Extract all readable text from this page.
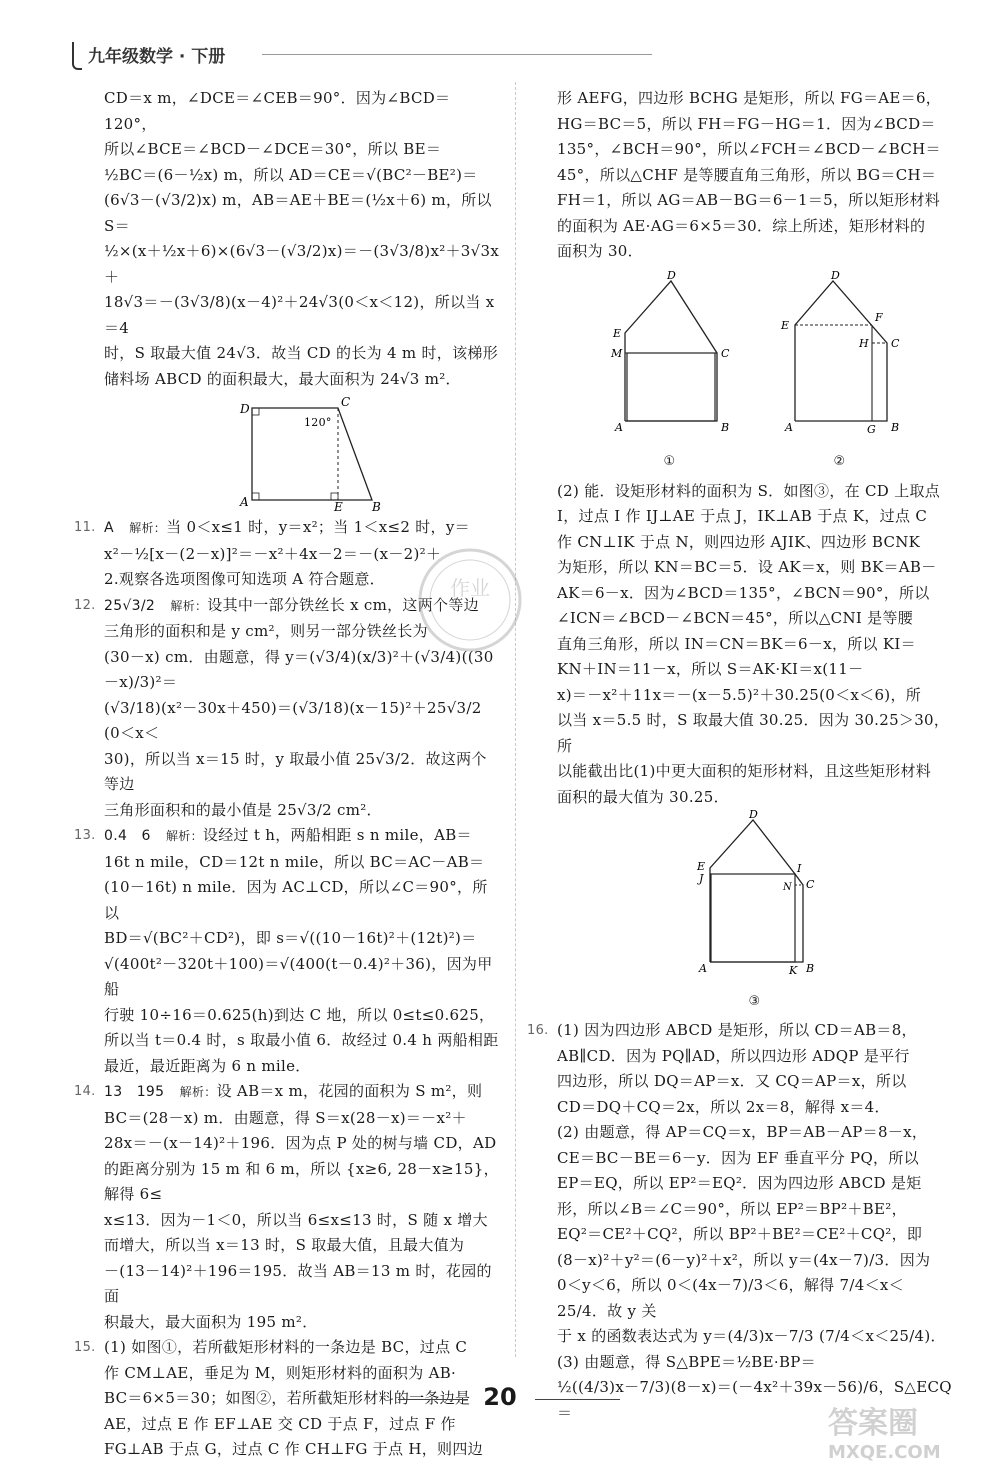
九年级数学 · 下册

CD＝x m，∠DCE＝∠CEB＝90°．因为∠BCD＝120°，

所以∠BCE＝∠BCD－∠DCE＝30°，所以 BE＝

½BC＝(6－½x) m，所以 AD＝CE＝√(BC²－BE²)＝

(6√3－(√3/2)x) m，AB＝AE＋BE＝(½x＋6) m，所以 S＝

½×(x＋½x＋6)×(6√3－(√3/2)x)＝－(3√3/8)x²＋3√3x＋

18√3＝－(3√3/8)(x－4)²＋24√3(0＜x＜12)，所以当 x＝4

时，S 取最大值 24√3．故当 CD 的长为 4 m 时，该梯形

储料场 ABCD 的面积最大，最大面积为 24√3 m²．

D	C
A	E B
120°
11. A　 解析：当 0＜x≤1 时，y＝x²；当 1＜x≤2 时，y＝

x²－½[x－(2－x)]²＝－x²＋4x－2＝－(x－2)²＋

2.观察各选项图像可知选项 A 符合题意．

12. 25√3/2　 解析：设其中一部分铁丝长 x cm，这两个等边

三角形的面积和是 y cm²，则另一部分铁丝长为

(30－x) cm．由题意，得 y＝(√3/4)(x/3)²＋(√3/4)((30－x)/3)²＝

(√3/18)(x²－30x＋450)＝(√3/18)(x－15)²＋25√3/2 (0＜x＜

30)，所以当 x＝15 时，y 取最小值 25√3/2．故这两个等边

三角形面积和的最小值是 25√3/2 cm²．

13. 0.4　6　 解析：设经过 t h，两船相距 s n mile，AB＝

16t n mile，CD＝12t n mile，所以 BC＝AC－AB＝

(10－16t) n mile．因为 AC⊥CD，所以∠C＝90°，所以

BD＝√(BC²＋CD²)，即 s＝√((10－16t)²＋(12t)²)＝

√(400t²－320t＋100)＝√(400(t－0.4)²＋36)，因为甲船

行驶 10÷16＝0.625(h)到达 C 地，所以 0≤t≤0.625，

所以当 t＝0.4 时，s 取最小值 6．故经过 0.4 h 两船相距

最近，最近距离为 6 n mile．

14. 13　195　 解析：设 AB＝x m，花园的面积为 S m²，则

BC＝(28－x) m．由题意，得 S＝x(28－x)＝－x²＋

28x＝－(x－14)²＋196．因为点 P 处的树与墙 CD，AD

的距离分别为 15 m 和 6 m，所以 {x≥6, 28－x≥15}，解得 6≤

x≤13．因为－1＜0，所以当 6≤x≤13 时，S 随 x 增大

而增大，所以当 x＝13 时，S 取最大值，且最大值为

－(13－14)²＋196＝195．故当 AB＝13 m 时，花园的面

积最大，最大面积为 195 m²．

15. (1) 如图①，若所截矩形材料的一条边是 BC，过点 C

作 CM⊥AE，垂足为 M，则矩形材料的面积为 AB·

BC＝6×5＝30；如图②，若所截矩形材料的一条边是

AE，过点 E 作 EF⊥AE 交 CD 于点 F，过点 F 作

FG⊥AB 于点 G，过点 C 作 CH⊥FG 于点 H，则四边

形 AEFG，四边形 BCHG 是矩形，所以 FG＝AE＝6，

HG＝BC＝5，所以 FH＝FG－HG＝1．因为∠BCD＝

135°，∠BCH＝90°，所以∠FCH＝∠BCD－∠BCH＝

45°，所以△CHF 是等腰直角三角形，所以 BG＝CH＝

FH＝1，所以 AG＝AB－BG＝6－1＝5，所以矩形材料

的面积为 AE·AG＝6×5＝30．综上所述，矩形材料的

面积为 30．

D
E
M	C
A	B
①
D
E
F
H C
A	G B
②

(2) 能．设矩形材料的面积为 S．如图③，在 CD 上取点

I，过点 I 作 IJ⊥AE 于点 J，IK⊥AB 于点 K，过点 C

作 CN⊥IK 于点 N，则四边形 AJIK、四边形 BCNK

为矩形，所以 KN＝BC＝5．设 AK＝x，则 BK＝AB－

AK＝6－x．因为∠BCD＝135°，∠BCN＝90°，所以

∠ICN＝∠BCD－∠BCN＝45°，所以△CNI 是等腰

直角三角形，所以 IN＝CN＝BK＝6－x，所以 KI＝

KN＋IN＝11－x，所以 S＝AK·KI＝x(11－

x)＝－x²＋11x＝－(x－5.5)²＋30.25(0＜x＜6)，所

以当 x＝5.5 时，S 取最大值 30.25．因为 30.25＞30，所

以能截出比(1)中更大面积的矩形材料，且这些矩形材料

面积的最大值为 30.25．

D
E
J
I
N C
A	K B
③
16. (1) 因为四边形 ABCD 是矩形，所以 CD＝AB＝8，

AB∥CD．因为 PQ∥AD，所以四边形 ADQP 是平行

四边形，所以 DQ＝AP＝x．又 CQ＝AP＝x，所以

CD＝DQ＋CQ＝2x，所以 2x＝8，解得 x＝4．

(2) 由题意，得 AP＝CQ＝x，BP＝AB－AP＝8－x，

CE＝BC－BE＝6－y．因为 EF 垂直平分 PQ，所以

EP＝EQ，所以 EP²＝EQ²．因为四边形 ABCD 是矩

形，所以∠B＝∠C＝90°，所以 EP²＝BP²＋BE²，

EQ²＝CE²＋CQ²，所以 BP²＋BE²＝CE²＋CQ²，即

(8－x)²＋y²＝(6－y)²＋x²，所以 y＝(4x－7)/3．因为

0＜y＜6，所以 0＜(4x－7)/3＜6，解得 7/4＜x＜25/4．故 y 关

于 x 的函数表达式为 y＝(4/3)x－7/3 (7/4＜x＜25/4)．

(3) 由题意，得 S△BPE＝½BE·BP＝

½((4/3)x－7/3)(8－x)＝(－4x²＋39x－56)/6，S△ECQ＝

作业
20
答案圈
MXQE.COM
